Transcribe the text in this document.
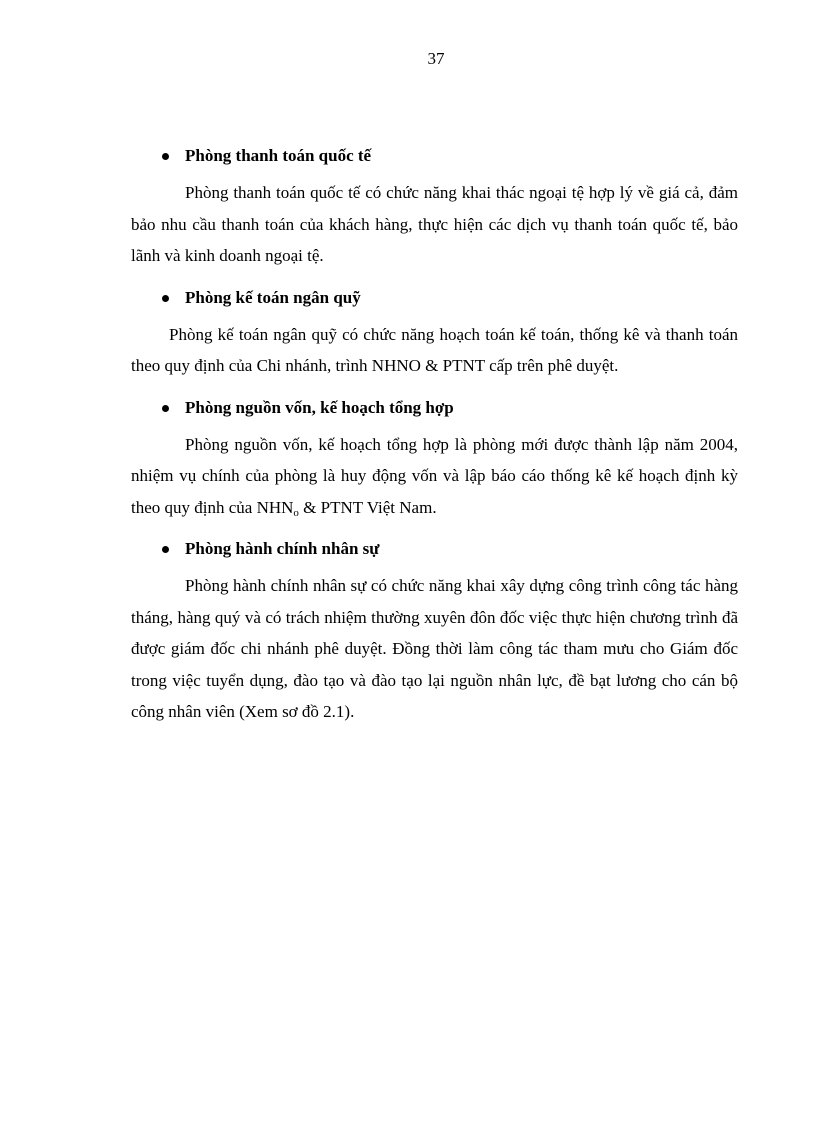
37
Phòng thanh toán quốc tế

Phòng thanh toán quốc tế có chức năng khai thác ngoại tệ hợp lý về giá cả, đảm bảo nhu cầu thanh toán của khách hàng, thực hiện các dịch vụ thanh toán quốc tế, bảo lãnh và kinh doanh ngoại tệ.

Phòng kế toán ngân quỹ

Phòng kế toán ngân quỹ có chức năng hoạch toán kế toán, thống kê và thanh toán theo quy định của Chi nhánh, trình NHNO & PTNT cấp trên phê duyệt.

Phòng nguồn vốn, kế hoạch tổng hợp

Phòng nguồn vốn, kế hoạch tổng hợp là phòng mới được thành lập năm 2004, nhiệm vụ chính của phòng là huy động vốn và lập báo cáo thống kê kế hoạch định kỳ theo quy định của $NHN_o$ & PTNT Việt Nam.

Phòng hành chính nhân sự

Phòng hành chính nhân sự có chức năng khai xây dựng công trình công tác hàng tháng, hàng quý và có trách nhiệm thường xuyên đôn đốc việc thực hiện chương trình đã được giám đốc chi nhánh phê duyệt. Đồng thời làm công tác tham mưu cho Giám đốc trong việc tuyển dụng, đào tạo và đào tạo lại nguồn nhân lực, đề bạt lương cho cán bộ công nhân viên (Xem sơ đồ 2.1).
